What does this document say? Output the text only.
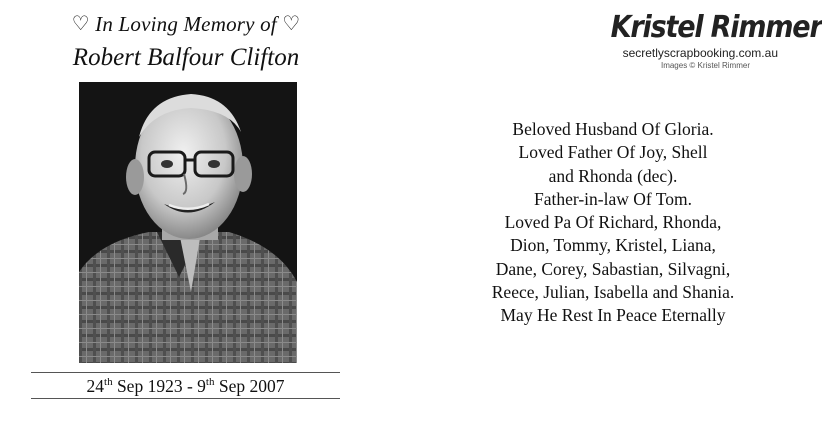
♡ In Loving Memory of ♡
Robert Balfour Clifton
24th Sep 1923 - 9th Sep 2007
Kristel Rimmer
secretlyscrapbooking.com.au
Images © Kristel Rimmer
Beloved Husband Of Gloria.
Loved Father Of Joy, Shell
and Rhonda (dec).
Father-in-law Of Tom.
Loved Pa Of Richard, Rhonda,
Dion, Tommy, Kristel, Liana,
Dane, Corey, Sabastian, Silvagni,
Reece, Julian, Isabella and Shania.
May He Rest In Peace Eternally
